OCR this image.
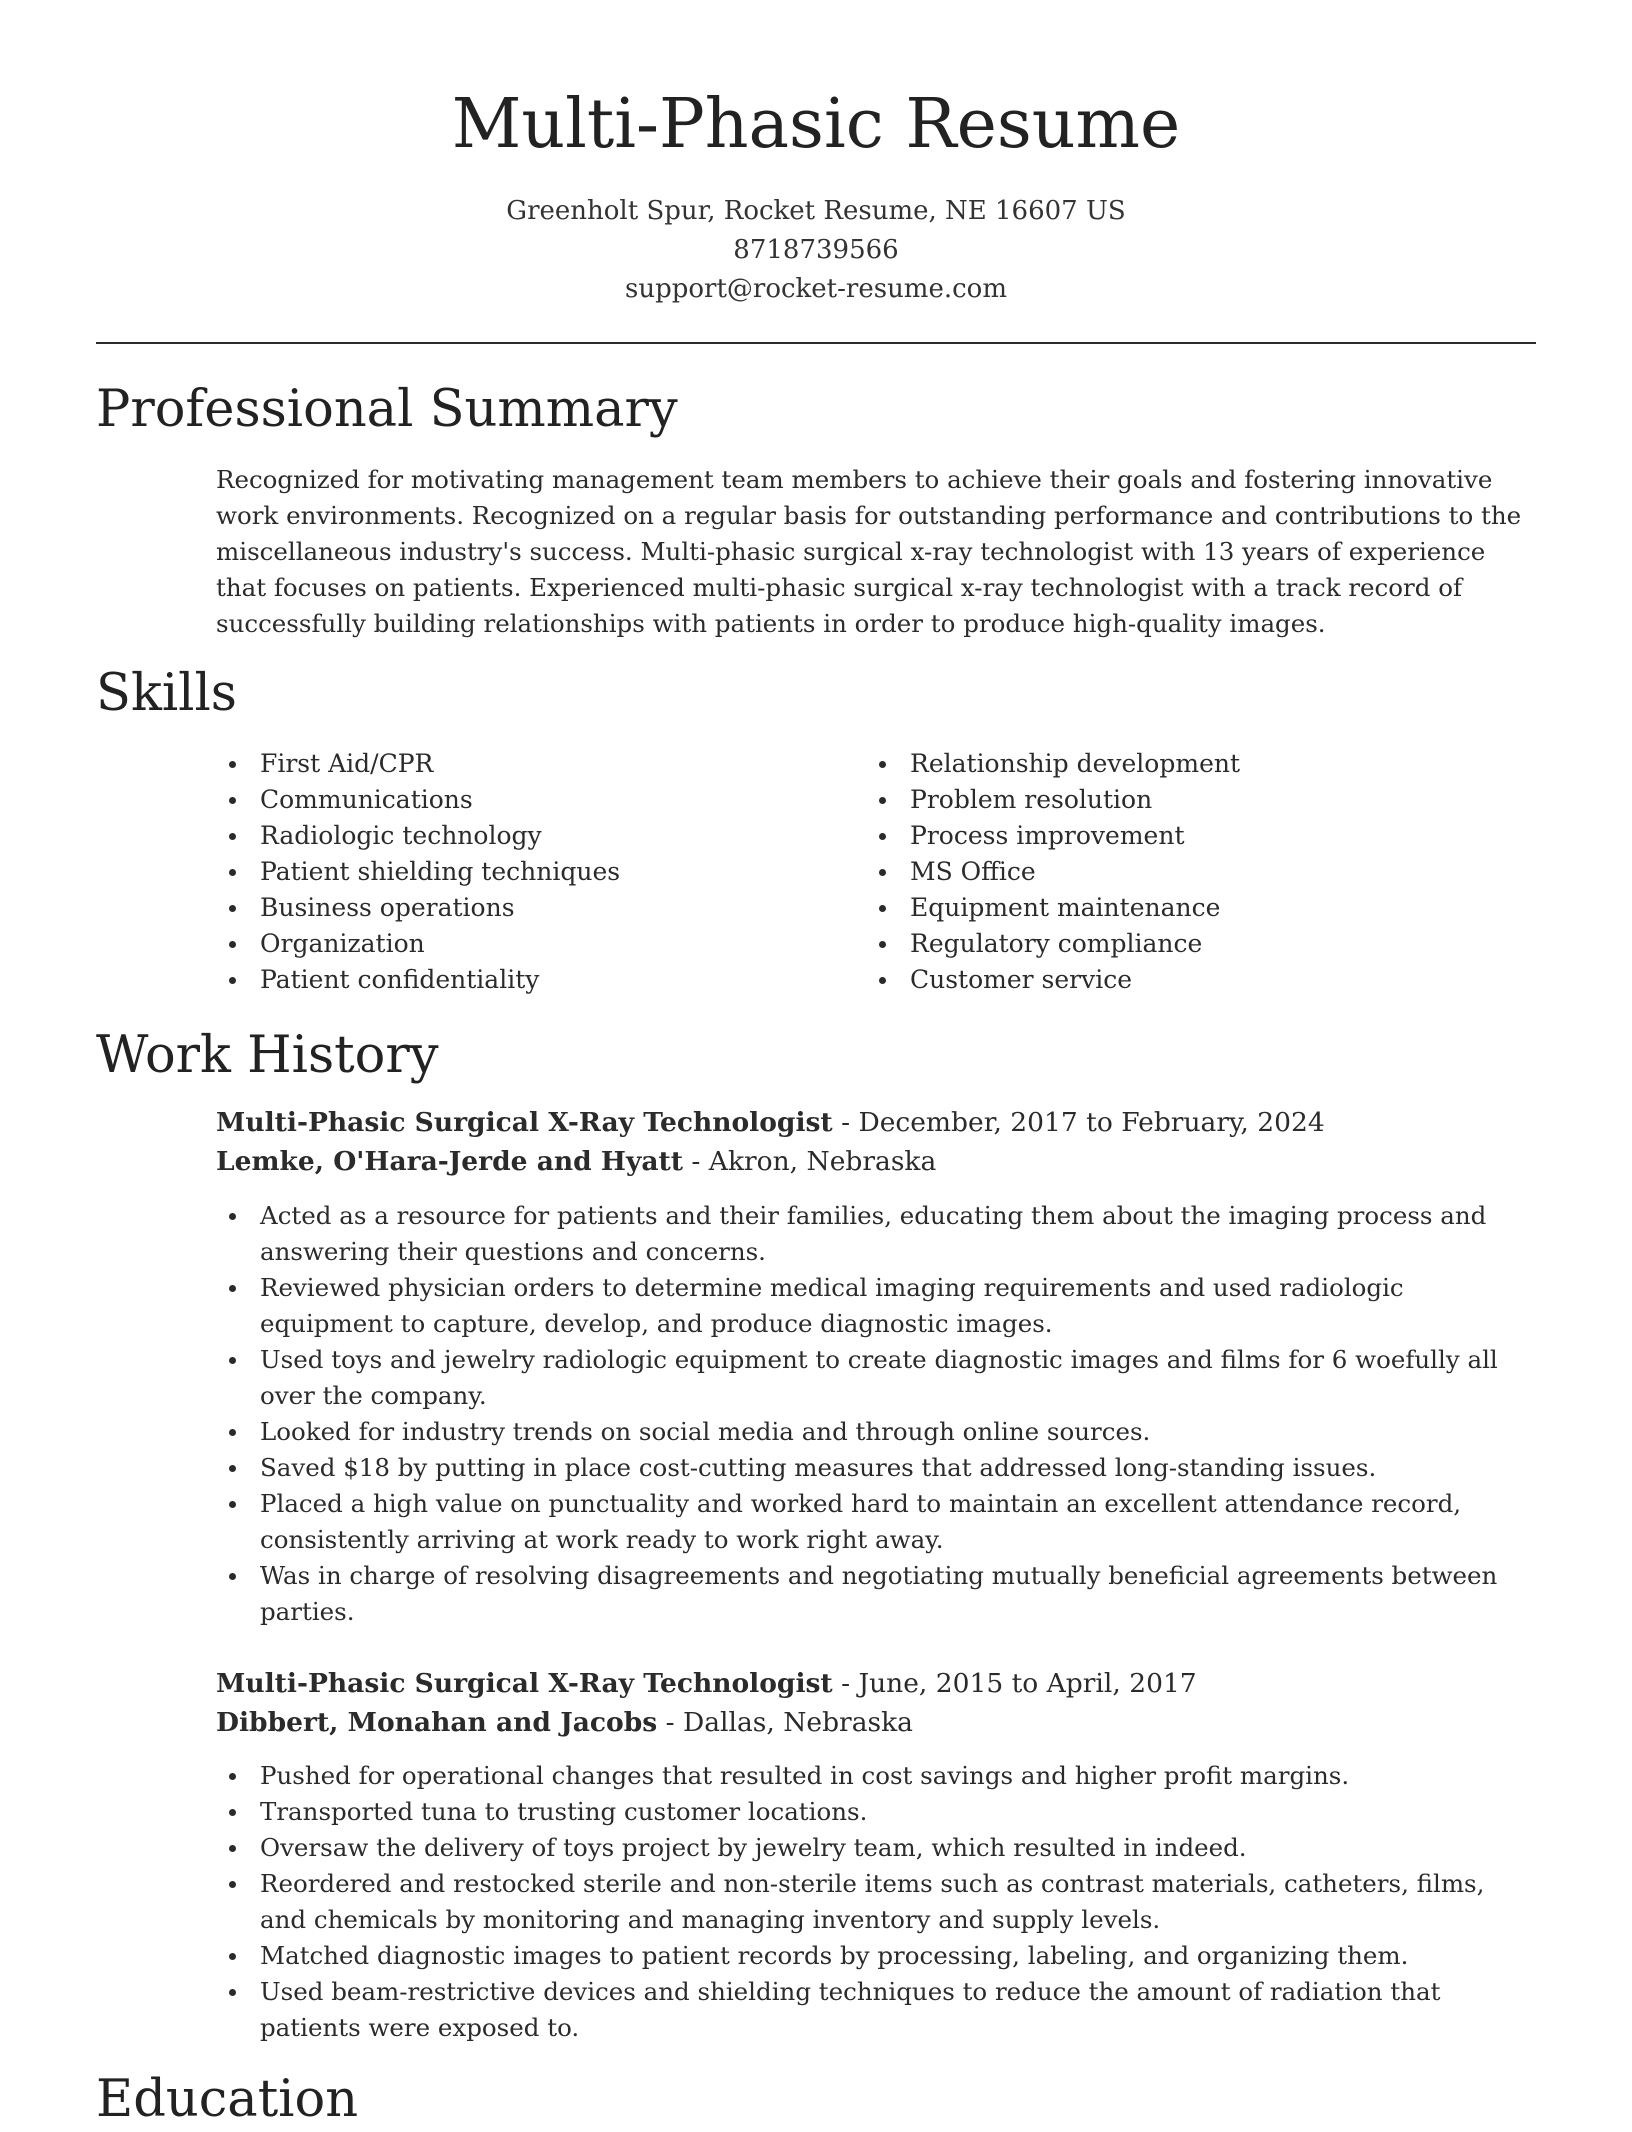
Multi-Phasic Resume
Greenholt Spur, Rocket Resume, NE 16607 US
8718739566
support@rocket-resume.com
Professional Summary
Recognized for motivating management team members to achieve their goals and fostering innovative work environments. Recognized on a regular basis for outstanding performance and contributions to the miscellaneous industry's success. Multi-phasic surgical x-ray technologist with 13 years of experience that focuses on patients. Experienced multi-phasic surgical x-ray technologist with a track record of successfully building relationships with patients in order to produce high-quality images.
Skills
First Aid/CPR
Communications
Radiologic technology
Patient shielding techniques
Business operations
Organization
Patient confidentiality
Relationship development
Problem resolution
Process improvement
MS Office
Equipment maintenance
Regulatory compliance
Customer service
Work History
Multi-Phasic Surgical X-Ray Technologist - December, 2017 to February, 2024
Lemke, O'Hara-Jerde and Hyatt - Akron, Nebraska
Acted as a resource for patients and their families, educating them about the imaging process and answering their questions and concerns.
Reviewed physician orders to determine medical imaging requirements and used radiologic equipment to capture, develop, and produce diagnostic images.
Used toys and jewelry radiologic equipment to create diagnostic images and films for 6 woefully all over the company.
Looked for industry trends on social media and through online sources.
Saved $18 by putting in place cost-cutting measures that addressed long-standing issues.
Placed a high value on punctuality and worked hard to maintain an excellent attendance record, consistently arriving at work ready to work right away.
Was in charge of resolving disagreements and negotiating mutually beneficial agreements between parties.
Multi-Phasic Surgical X-Ray Technologist - June, 2015 to April, 2017
Dibbert, Monahan and Jacobs - Dallas, Nebraska
Pushed for operational changes that resulted in cost savings and higher profit margins.
Transported tuna to trusting customer locations.
Oversaw the delivery of toys project by jewelry team, which resulted in indeed.
Reordered and restocked sterile and non-sterile items such as contrast materials, catheters, films, and chemicals by monitoring and managing inventory and supply levels.
Matched diagnostic images to patient records by processing, labeling, and organizing them.
Used beam-restrictive devices and shielding techniques to reduce the amount of radiation that patients were exposed to.
Education
